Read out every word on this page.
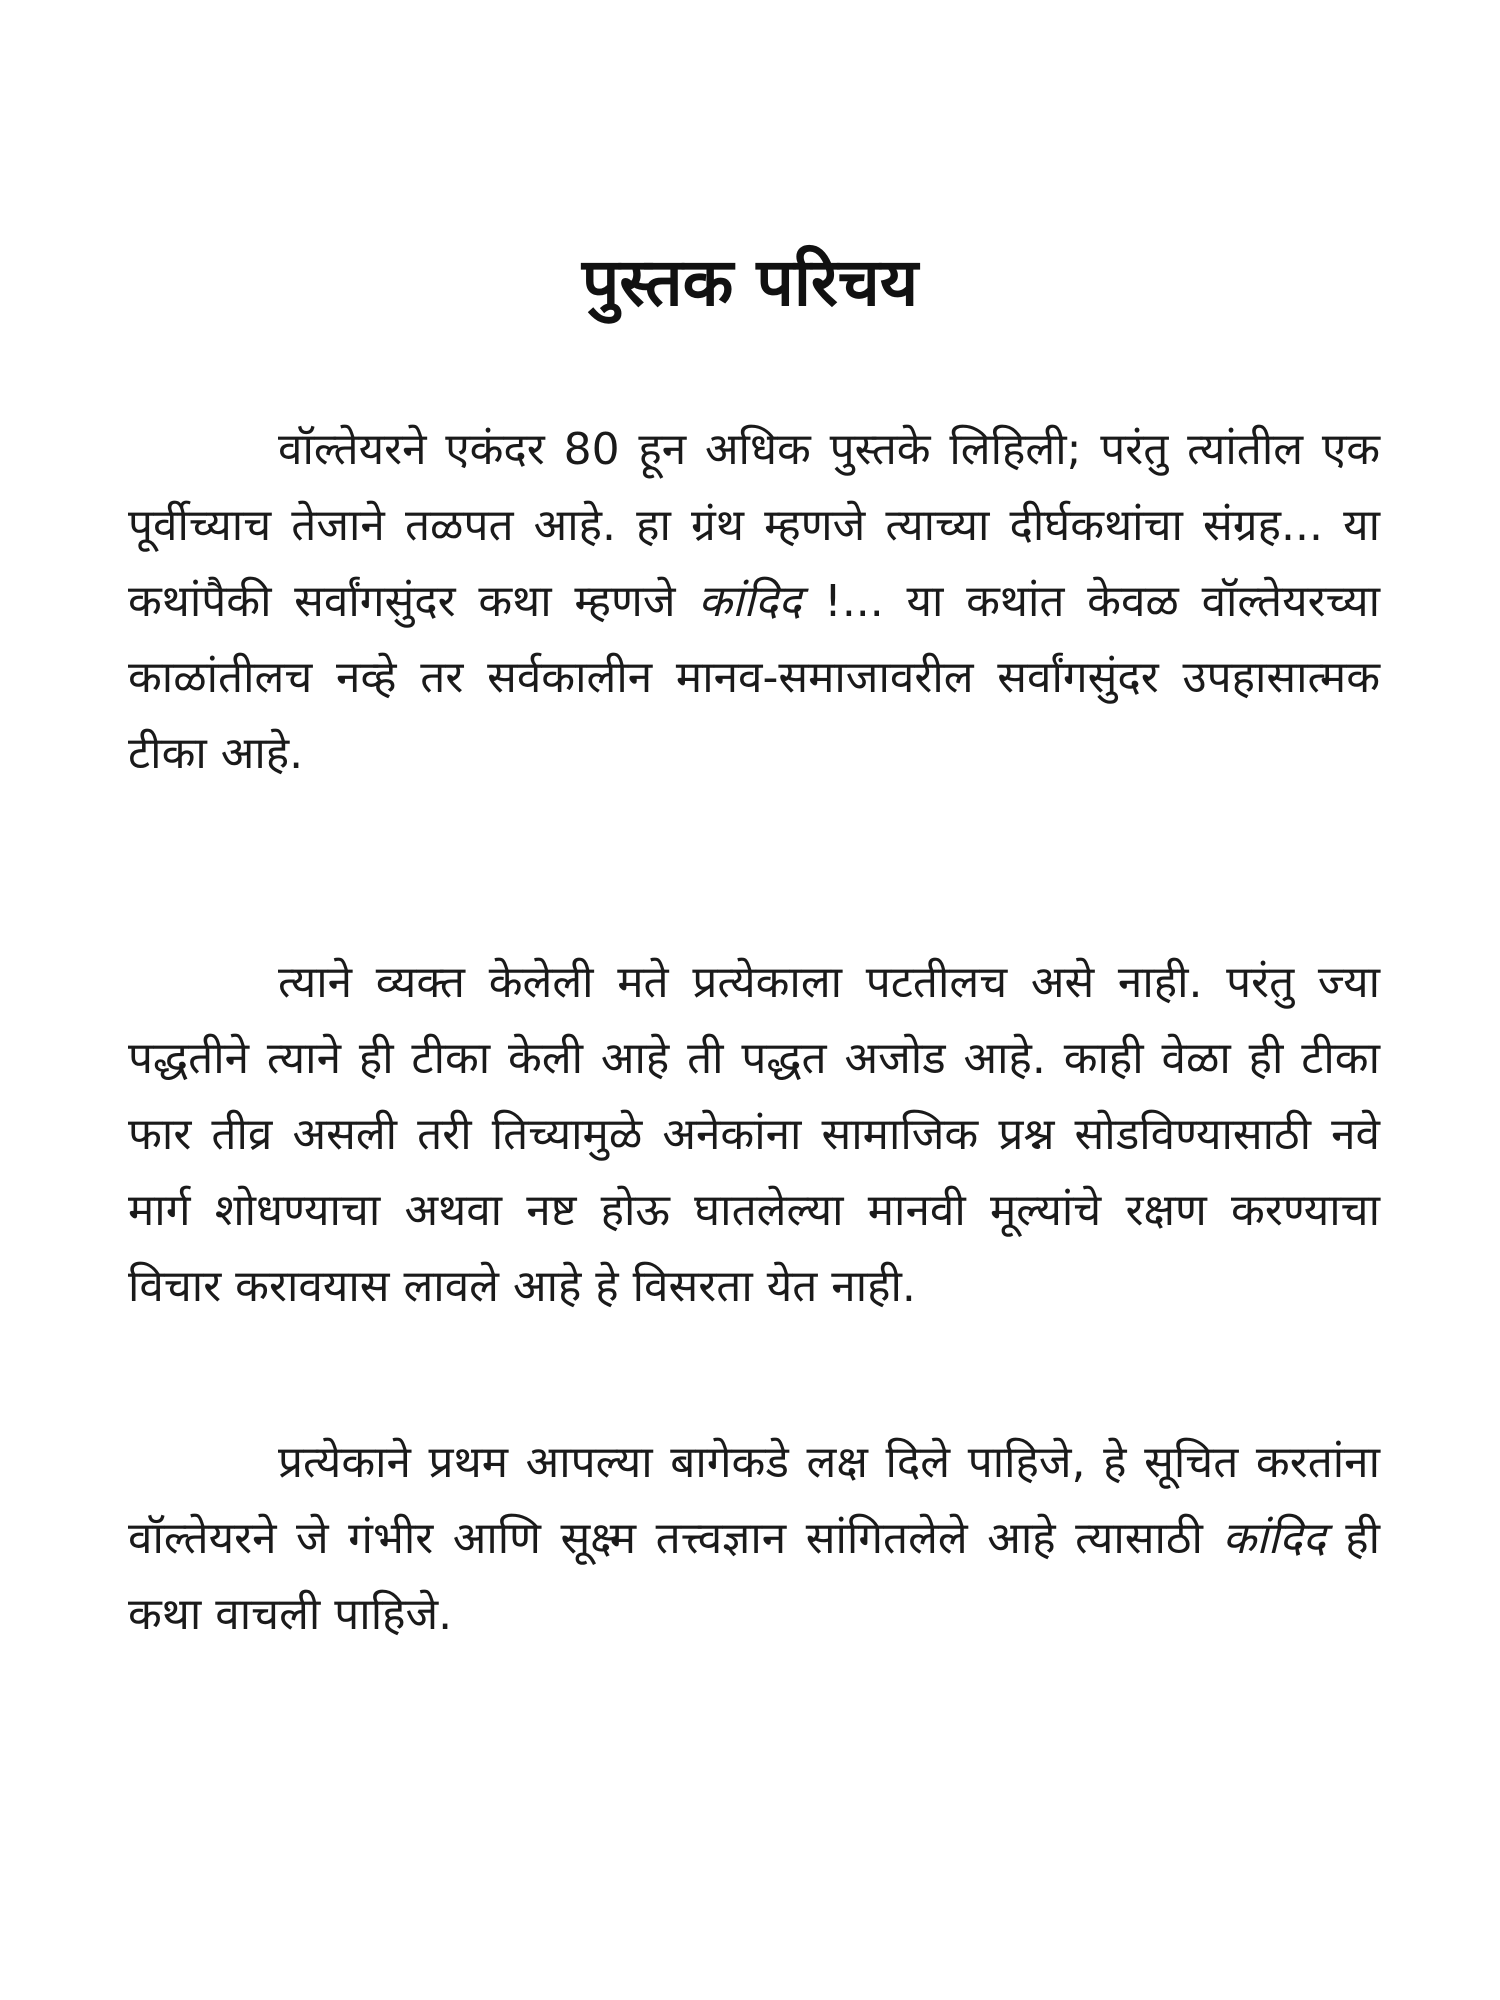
पुस्तक परिचय

वॉल्तेयरने एकंदर 80 हून अधिक पुस्तके लिहिली; परंतु त्यांतील एक पूर्वीच्याच तेजाने तळपत आहे. हा ग्रंथ म्हणजे त्याच्या दीर्घकथांचा संग्रह... या कथांपैकी सर्वांगसुंदर कथा म्हणजे कांदिद !... या कथांत केवळ वॉल्तेयरच्या काळांतीलच नव्हे तर सर्वकालीन मानव-समाजावरील सर्वांगसुंदर उपहासात्मक टीका आहे.

त्याने व्यक्त केलेली मते प्रत्येकाला पटतीलच असे नाही. परंतु ज्या पद्धतीने त्याने ही टीका केली आहे ती पद्धत अजोड आहे. काही वेळा ही टीका फार तीव्र असली तरी तिच्यामुळे अनेकांना सामाजिक प्रश्न सोडविण्यासाठी नवे मार्ग शोधण्याचा अथवा नष्ट होऊ घातलेल्या मानवी मूल्यांचे रक्षण करण्याचा विचार करावयास लावले आहे हे विसरता येत नाही.

प्रत्येकाने प्रथम आपल्या बागेकडे लक्ष दिले पाहिजे, हे सूचित करतांना वॉल्तेयरने जे गंभीर आणि सूक्ष्म तत्त्वज्ञान सांगितलेले आहे त्यासाठी कांदिद ही कथा वाचली पाहिजे.
